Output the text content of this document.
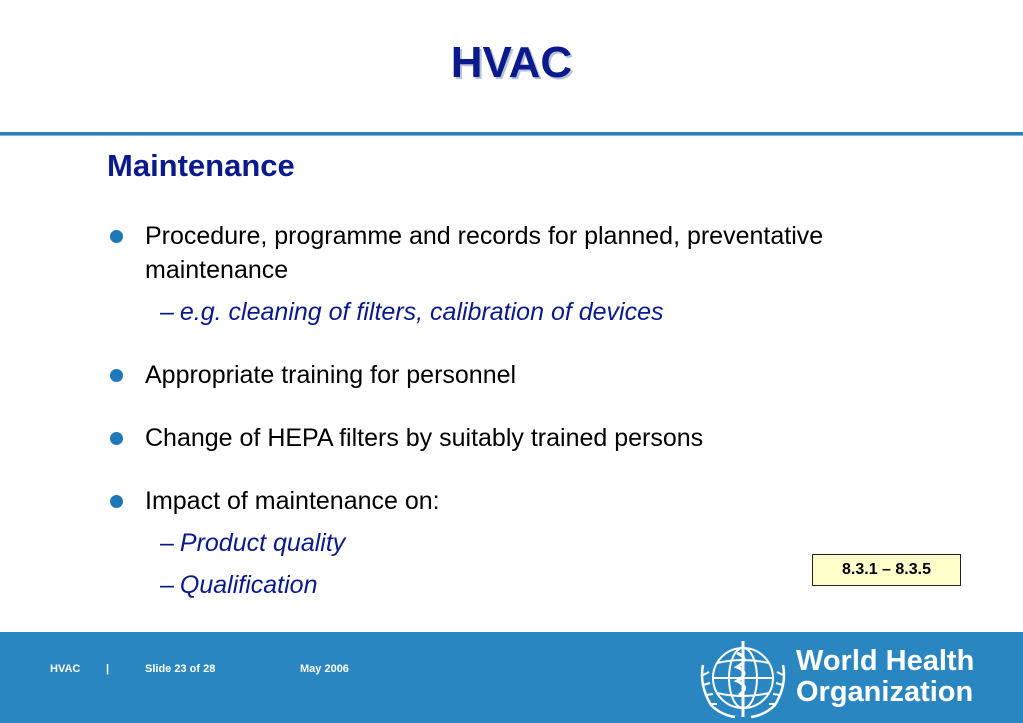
HVAC
Maintenance
Procedure, programme and records for planned, preventative maintenance
– e.g. cleaning of filters, calibration of devices
Appropriate training for personnel
Change of HEPA filters by suitably trained persons
Impact of maintenance on:
– Product quality
– Qualification
8.3.1 – 8.3.5
HVAC |	Slide 23 of 28	May 2006	World Health
Organization
